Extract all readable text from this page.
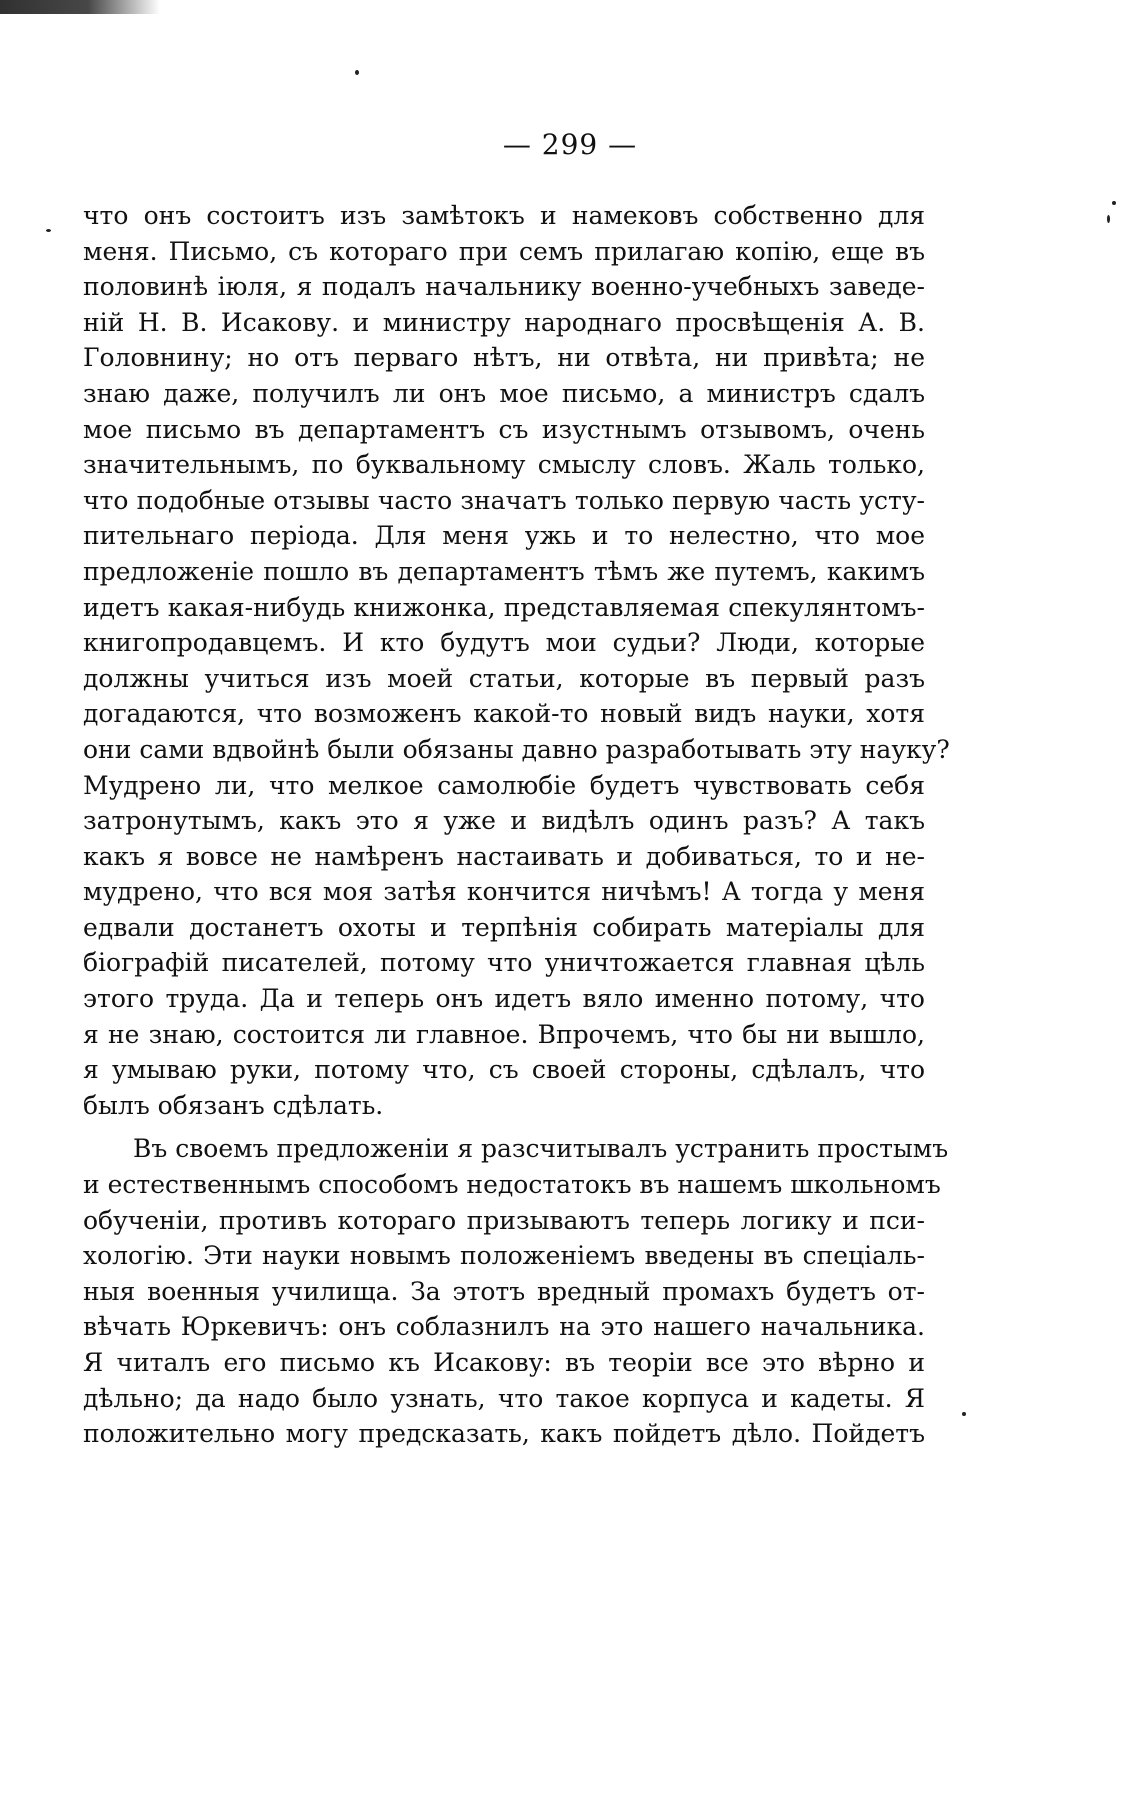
— 299 —
что онъ состоитъ изъ замѣтокъ и намековъ собственно для
меня. Письмо, съ котораго при семъ прилагаю копію, еще въ
половинѣ іюля, я подалъ начальнику военно-учебныхъ заведе-
ній Н. В. Исакову. и министру народнаго просвѣщенія А. В.
Головнину; но отъ перваго нѣтъ, ни отвѣта, ни привѣта; не
знаю даже, получилъ ли онъ мое письмо, а министръ сдалъ
мое письмо въ департаментъ съ изустнымъ отзывомъ, очень
значительнымъ, по буквальному смыслу словъ. Жаль только,
что подобные отзывы часто значатъ только первую часть усту-
пительнаго періода. Для меня ужь и то нелестно, что мое
предложеніе пошло въ департаментъ тѣмъ же путемъ, какимъ
идетъ какая-нибудь книжонка, представляемая спекулянтомъ-
книгопродавцемъ. И кто будутъ мои судьи? Люди, которые
должны учиться изъ моей статьи, которые въ первый разъ
догадаются, что возможенъ какой-то новый видъ науки, хотя
они сами вдвойнѣ были обязаны давно разработывать эту науку?
Мудрено ли, что мелкое самолюбіе будетъ чувствовать себя
затронутымъ, какъ это я уже и видѣлъ одинъ разъ? А такъ
какъ я вовсе не намѣренъ настаивать и добиваться, то и не-
мудрено, что вся моя затѣя кончится ничѣмъ! А тогда у меня
едвали достанетъ охоты и терпѣнія собирать матеріалы для
біографій писателей, потому что уничтожается главная цѣль
этого труда. Да и теперь онъ идетъ вяло именно потому, что
я не знаю, состоится ли главное. Впрочемъ, что бы ни вышло,
я умываю руки, потому что, съ своей стороны, сдѣлалъ, что
былъ обязанъ сдѣлать.
Въ своемъ предложеніи я разсчитывалъ устранить простымъ
и естественнымъ способомъ недостатокъ въ нашемъ школьномъ
обученіи, противъ котораго призываютъ теперь логику и пси-
хологію. Эти науки новымъ положеніемъ введены въ спеціаль-
ныя военныя училища. За этотъ вредный промахъ будетъ от-
вѣчать Юркевичъ: онъ соблазнилъ на это нашего начальника.
Я читалъ его письмо къ Исакову: въ теоріи все это вѣрно и
дѣльно; да надо было узнать, что такое корпуса и кадеты. Я
положительно могу предсказать, какъ пойдетъ дѣло. Пойдетъ
